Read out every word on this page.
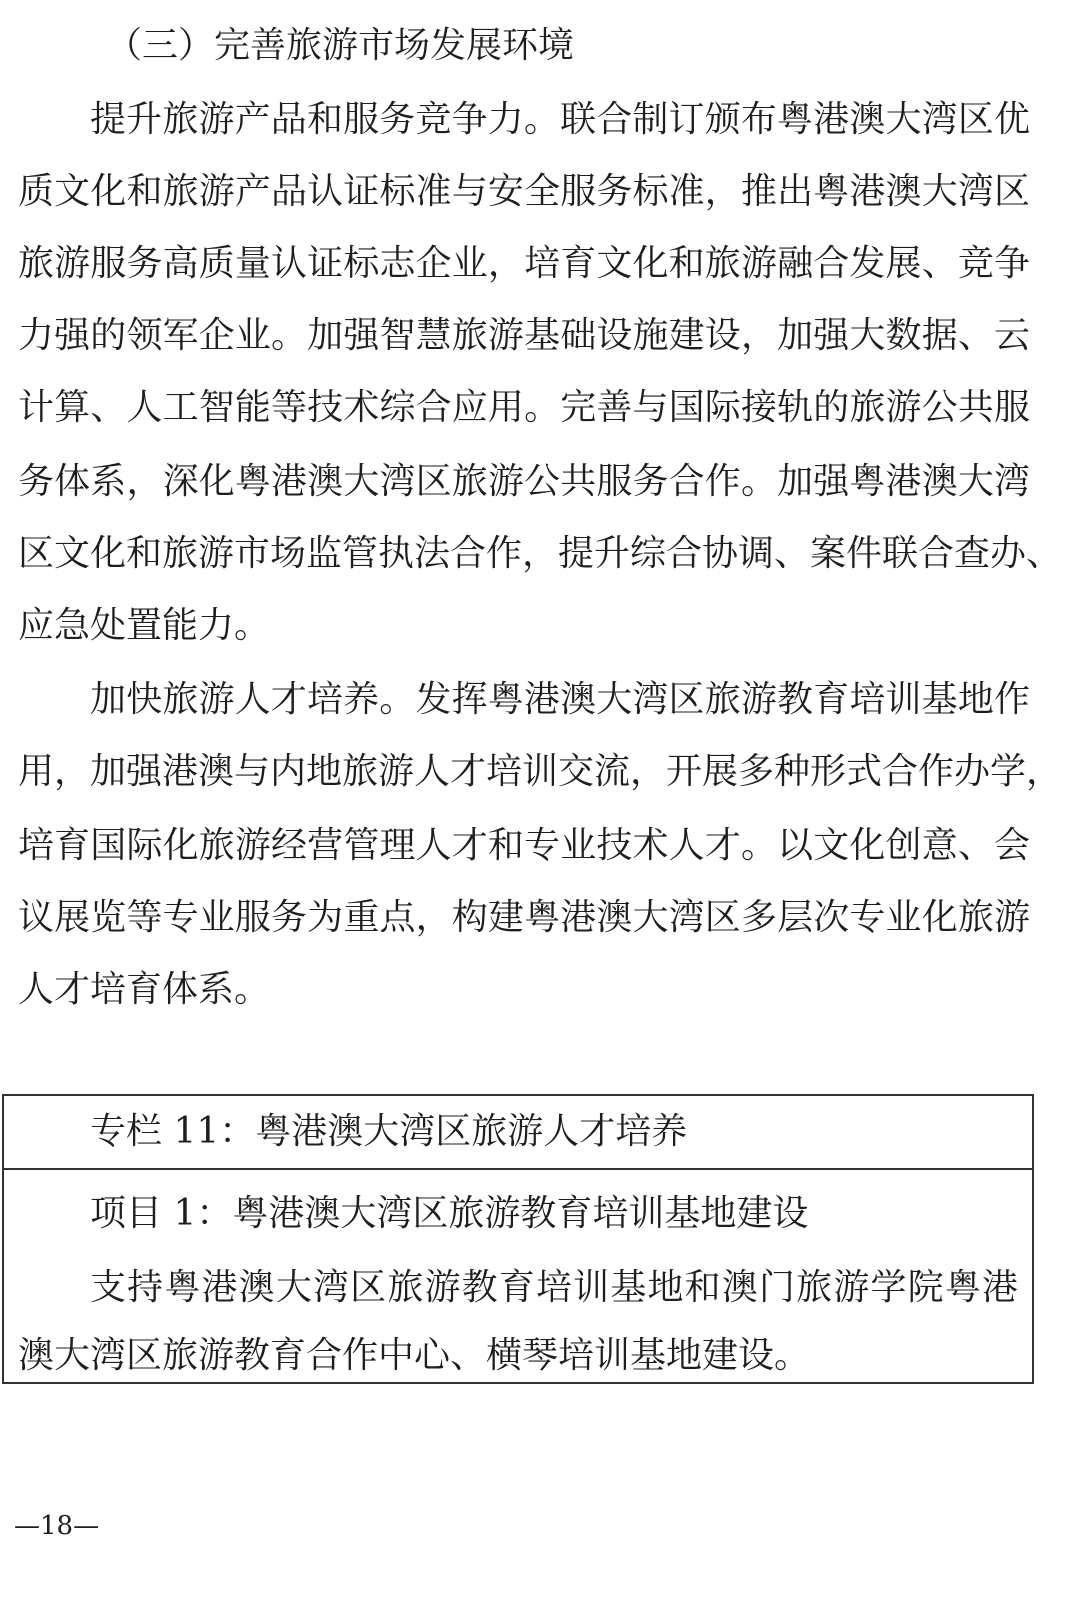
（三）完善旅游市场发展环境
提升旅游产品和服务竞争力。联合制订颁布粤港澳大湾区优
质文化和旅游产品认证标准与安全服务标准，推出粤港澳大湾区
旅游服务高质量认证标志企业，培育文化和旅游融合发展、竞争
力强的领军企业。加强智慧旅游基础设施建设，加强大数据、云
计算、人工智能等技术综合应用。完善与国际接轨的旅游公共服
务体系，深化粤港澳大湾区旅游公共服务合作。加强粤港澳大湾
区文化和旅游市场监管执法合作，提升综合协调、案件联合查办、
应急处置能力。
加快旅游人才培养。发挥粤港澳大湾区旅游教育培训基地作
用，加强港澳与内地旅游人才培训交流，开展多种形式合作办学，
培育国际化旅游经营管理人才和专业技术人才。以文化创意、会
议展览等专业服务为重点，构建粤港澳大湾区多层次专业化旅游
人才培育体系。
专栏 11：粤港澳大湾区旅游人才培养
项目 1：粤港澳大湾区旅游教育培训基地建设
支持粤港澳大湾区旅游教育培训基地和澳门旅游学院粤港
澳大湾区旅游教育合作中心、横琴培训基地建设。
—18—
